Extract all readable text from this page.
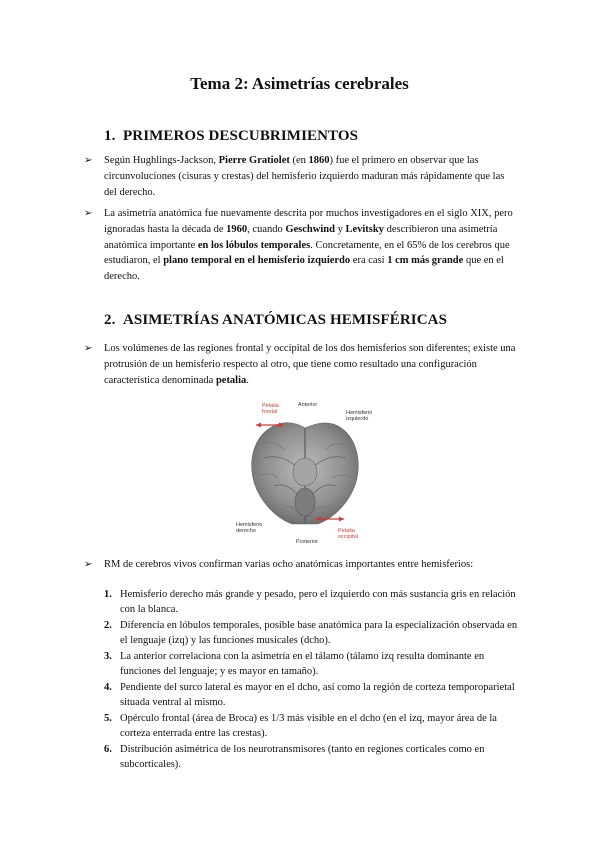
Tema 2: Asimetrías cerebrales
1. PRIMEROS DESCUBRIMIENTOS
➢ Según Hughlings-Jackson, Pierre Gratiolet (en 1860) fue el primero en observar que las circunvoluciones (cisuras y crestas) del hemisferio izquierdo maduran más rápidamente que las del derecho.
➢ La asimetría anatómica fue nuevamente descrita por muchos investigadores en el siglo XIX, pero ignoradas hasta la década de 1960, cuando Geschwind y Levitsky describieron una asimetría anatómica importante en los lóbulos temporales. Concretamente, en el 65% de los cerebros que estudiaron, el plano temporal en el hemisferio izquierdo era casi 1 cm más grande que en el derecho.
2. ASIMETRÍAS ANATÓMICAS HEMISFÉRICAS
➢ Los volúmenes de las regiones frontal y occipital de los dos hemisferios son diferentes; existe una protrusión de un hemisferio respecto al otro, que tiene como resultado una configuración característica denominada petalia.
Petalia frontal
Anterior
Hemisferio izquierdo
Hemisferio derecho
Posterior
Petalia occipital
➢ RM de cerebros vivos confirman varias ocho anatómicas importantes entre hemisferios:
1. Hemisferio derecho más grande y pesado, pero el izquierdo con más sustancia gris en relación con la blanca.
2. Diferencia en lóbulos temporales, posible base anatómica para la especialización observada en el lenguaje (izq) y las funciones musicales (dcho).
3. La anterior correlaciona con la asimetría en el tálamo (tálamo izq resulta dominante en funciones del lenguaje; y es mayor en tamaño).
4. Pendiente del surco lateral es mayor en el dcho, así como la región de corteza temporoparietal situada ventral al mismo.
5. Opérculo frontal (área de Broca) es 1/3 más visible en el dcho (en el izq, mayor área de la corteza enterrada entre las crestas).
6. Distribución asimétrica de los neurotransmisores (tanto en regiones corticales como en subcorticales).
